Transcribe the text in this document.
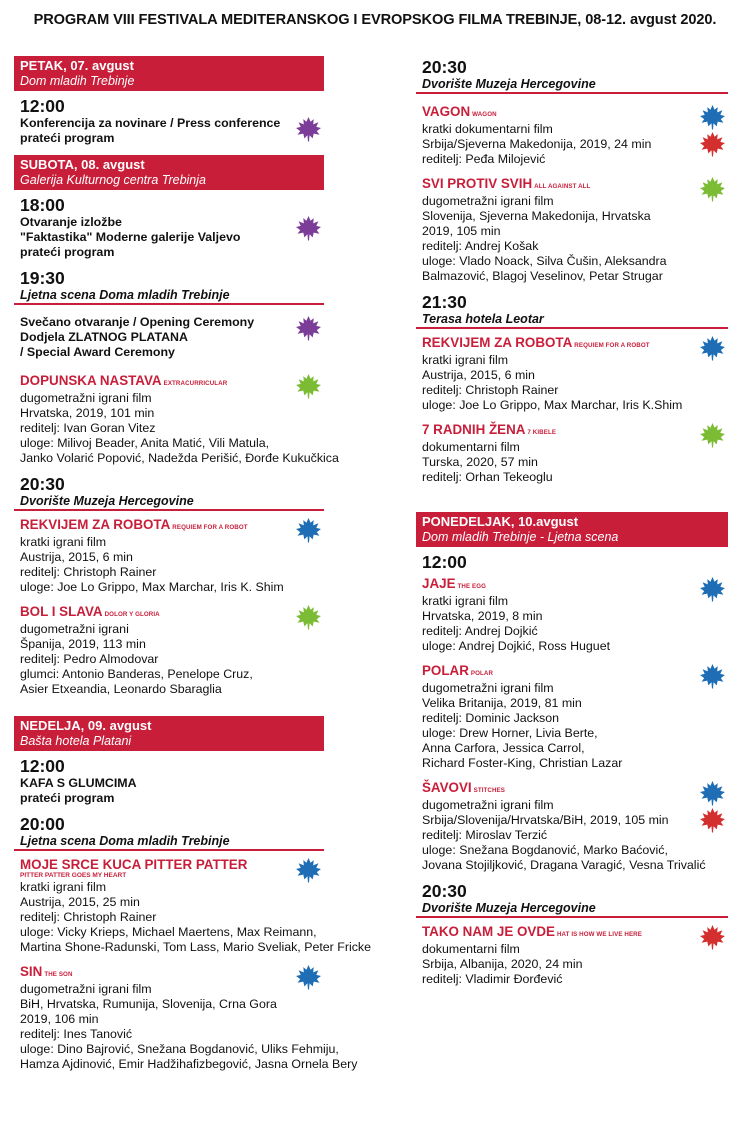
PROGRAM VIII FESTIVALA MEDITERANSKOG I EVROPSKOG FILMA TREBINJE, 08-12. avgust 2020.
PETAK, 07. avgust
Dom mladih Trebinje
12:00
Konferencija za novinare / Press conference
prateći program
SUBOTA, 08. avgust
Galerija Kulturnog centra Trebinja
18:00
Otvaranje izložbe
"Faktastika" Moderne galerije Valjevo
prateći program
19:30
Ljetna scena Doma mladih Trebinje
Svečano otvaranje / Opening Ceremony
Dodjela ZLATNOG PLATANA
/ Special Award Ceremony
DOPUNSKA NASTAVA EXTRACURRICULAR
dugometražni igrani film
Hrvatska, 2019, 101 min
reditelj: Ivan Goran Vitez
uloge: Milivoj Beader, Anita Matić, Vili Matula,
Janko Volarić Popović, Nadežda Perišić, Đorđe Kukučkica
20:30
Dvorište Muzeja Hercegovine
REKVIJEM ZA ROBOTA REQUIEM FOR A ROBOT
kratki igrani film
Austrija, 2015, 6 min
reditelj: Christoph Rainer
uloge: Joe Lo Grippo, Max Marchar, Iris K. Shim
BOL I SLAVA DOLOR Y GLORIA
dugometražni igrani
Španija, 2019, 113 min
reditelj: Pedro Almodovar
glumci: Antonio Banderas, Penelope Cruz,
Asier Etxeandia, Leonardo Sbaraglia
NEDELJA, 09. avgust
Bašta hotela Platani
12:00
KAFA S GLUMCIMA
prateći program
20:00
Ljetna scena Doma mladih Trebinje
MOJE SRCE KUCA PITTER PATTER
PITTER PATTER GOES MY HEART
kratki igrani film
Austrija, 2015, 25 min
reditelj: Christoph Rainer
uloge: Vicky Krieps, Michael Maertens, Max Reimann,
Martina Shone-Radunski, Tom Lass, Mario Sveliak, Peter Fricke
SIN THE SON
dugometražni igrani film
BiH, Hrvatska, Rumunija, Slovenija, Crna Gora
2019, 106 min
reditelj: Ines Tanović
uloge: Dino Bajrović, Snežana Bogdanović, Uliks Fehmiju,
Hamza Ajdinović, Emir Hadžihafizbegović, Jasna Ornela Bery
20:30
Dvorište Muzeja Hercegovine
VAGON WAGON
kratki dokumentarni film
Srbija/Sjeverna Makedonija, 2019, 24 min
reditelj: Peđa Milojević
SVI PROTIV SVIH ALL AGAINST ALL
dugometražni igrani film
Slovenija, Sjeverna Makedonija, Hrvatska
2019, 105 min
reditelj: Andrej Košak
uloge: Vlado Noack, Silva Čušin, Aleksandra
Balmazović, Blagoj Veselinov, Petar Strugar
21:30
Terasa hotela Leotar
REKVIJEM ZA ROBOTA REQUIEM FOR A ROBOT
kratki igrani film
Austrija, 2015, 6 min
reditelj: Christoph Rainer
uloge: Joe Lo Grippo, Max Marchar, Iris K.Shim
7 RADNIH ŽENA 7 KIBELE
dokumentarni film
Turska, 2020, 57 min
reditelj: Orhan Tekeoglu
PONEDELJAK, 10.avgust
Dom mladih Trebinje - Ljetna scena
12:00
JAJE THE EGG
kratki igrani film
Hrvatska, 2019, 8 min
reditelj: Andrej Dojkić
uloge: Andrej Dojkić, Ross Huguet
POLAR POLAR
dugometražni igrani film
Velika Britanija, 2019, 81 min
reditelj: Dominic Jackson
uloge: Drew Horner, Livia Berte,
Anna Carfora, Jessica Carrol,
Richard Foster-King, Christian Lazar
ŠAVOVI STITCHES
dugometražni igrani film
Srbija/Slovenija/Hrvatska/BiH, 2019, 105 min
reditelj: Miroslav Terzić
uloge: Snežana Bogdanović, Marko Baćović,
Jovana Stojiljković, Dragana Varagić, Vesna Trivalić
20:30
Dvorište Muzeja Hercegovine
TAKO NAM JE OVDE HAT IS HOW WE LIVE HERE
dokumentarni film
Srbija, Albanija, 2020, 24 min
reditelj: Vladimir Đorđević
